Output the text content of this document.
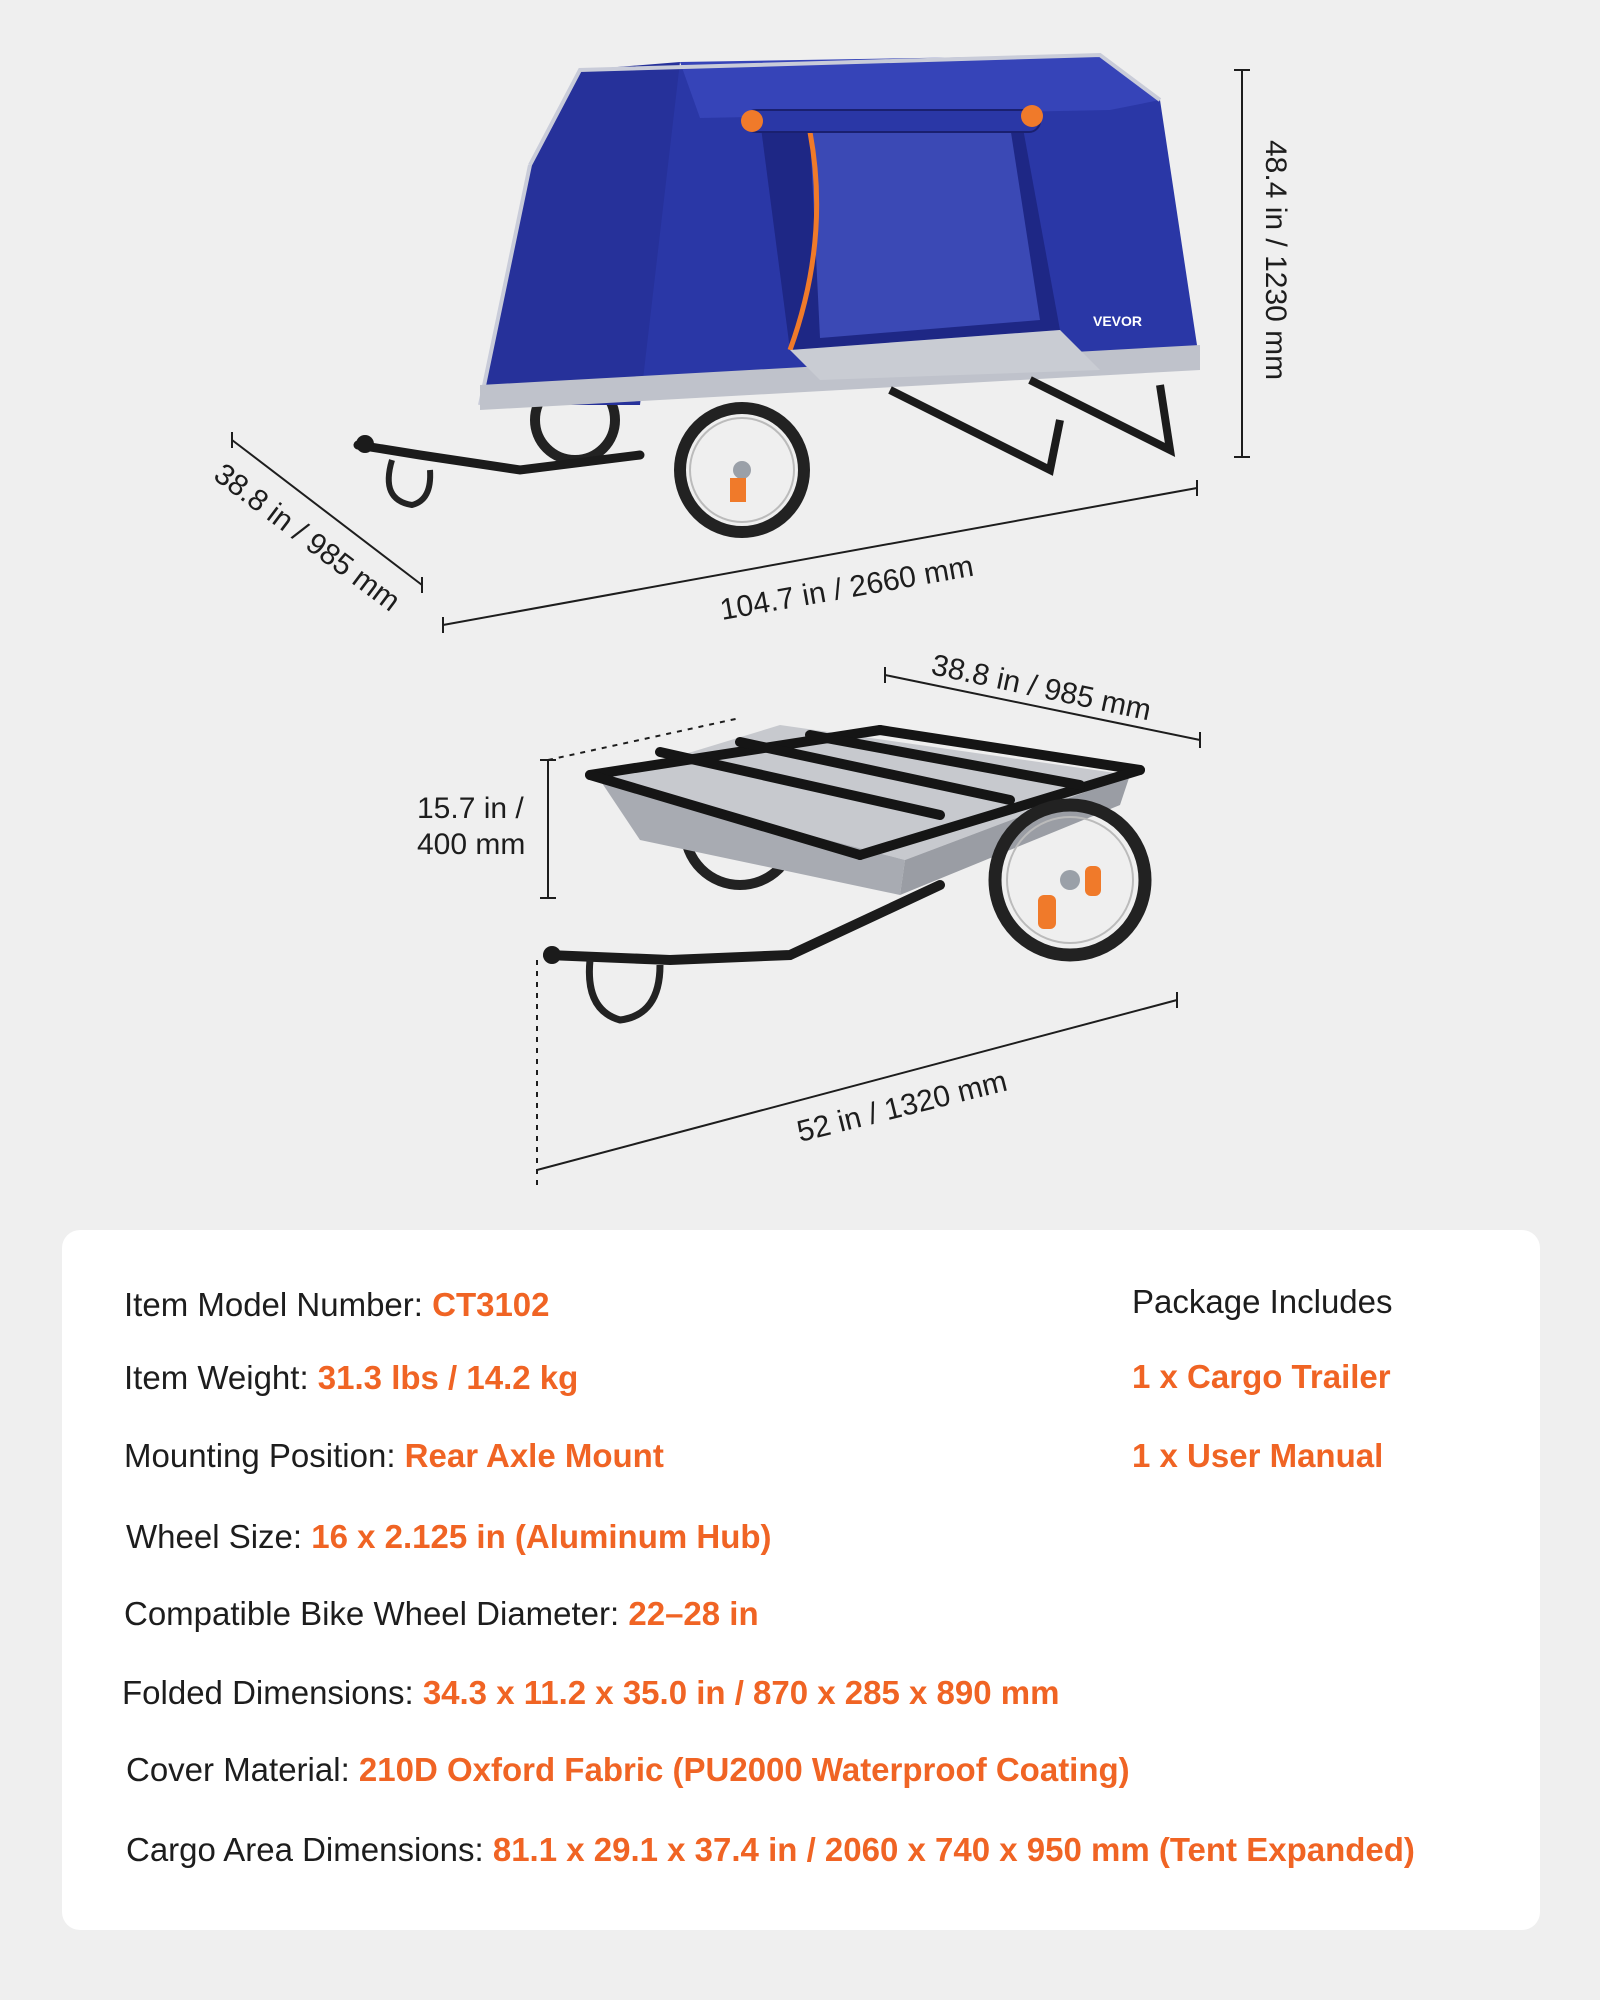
VEVOR
38.8 in / 985 mm	104.7 in / 2660 mm
48.4 in / 1230 mm
38.8 in / 985 mm
15.7 in /
400 mm
52 in / 1320 mm
Item Model Number: CT3102
Item Weight: 31.3 lbs / 14.2 kg
Mounting Position: Rear Axle Mount
Wheel Size: 16 x 2.125 in (Aluminum Hub)
Compatible Bike Wheel Diameter: 22–28 in
Folded Dimensions: 34.3 x 11.2 x 35.0 in / 870 x 285 x 890 mm
Cover Material: 210D Oxford Fabric (PU2000 Waterproof Coating)
Cargo Area Dimensions: 81.1 x 29.1 x 37.4 in / 2060 x 740 x 950 mm (Tent Expanded)
Package Includes
1 x Cargo Trailer
1 x User Manual
